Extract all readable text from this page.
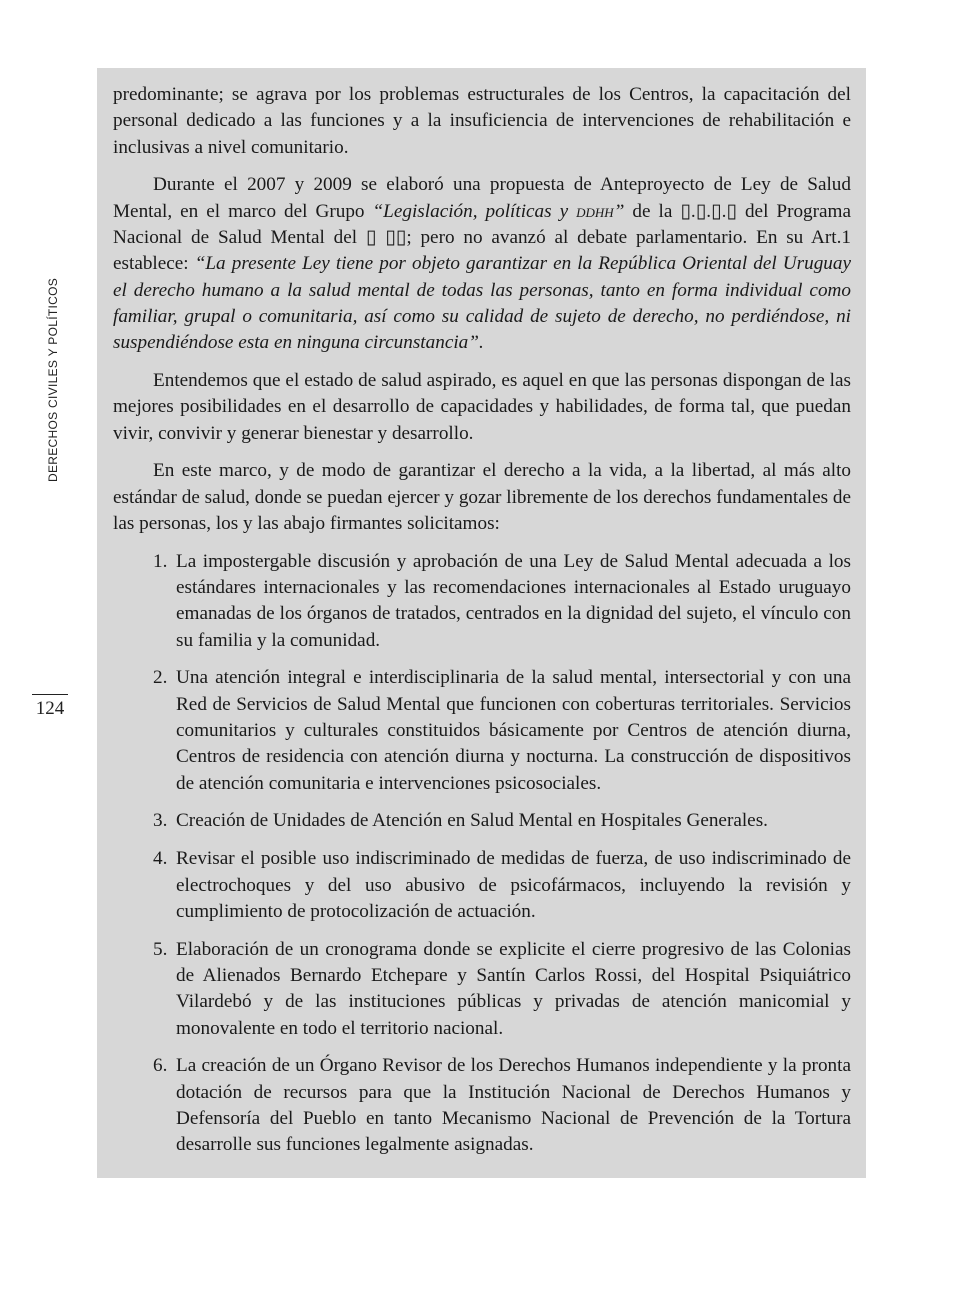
DERECHOS CIVILES Y POLÍTICOS
124

predominante; se agrava por los problemas estructurales de los Centros, la capacitación del personal dedicado a las funciones y a la insuficiencia de intervenciones de rehabilitación e inclusivas a nivel comunitario.

Durante el 2007 y 2009 se elaboró una propuesta de Anteproyecto de Ley de Salud Mental, en el marco del Grupo “Legislación, políticas y ddhh” de la ▯.▯.▯.▯ del Programa Nacional de Salud Mental del ▯ ▯▯; pero no avanzó al debate parlamentario. En su Art.1 establece: “La presente Ley tiene por objeto garantizar en la República Oriental del Uruguay el derecho humano a la salud mental de todas las personas, tanto en forma individual como familiar, grupal o comunitaria, así como su calidad de sujeto de derecho, no perdiéndose, ni suspendiéndose esta en ninguna circunstancia”.

Entendemos que el estado de salud aspirado, es aquel en que las personas dispongan de las mejores posibilidades en el desarrollo de capacidades y habilidades, de forma tal, que puedan vivir, convivir y generar bienestar y desarrollo.

En este marco, y de modo de garantizar el derecho a la vida, a la libertad, al más alto estándar de salud, donde se puedan ejercer y gozar libremente de los derechos fundamentales de las personas, los y las abajo firmantes solicitamos:

1. La impostergable discusión y aprobación de una Ley de Salud Mental adecuada a los estándares internacionales y las recomendaciones internacionales al Estado uruguayo emanadas de los órganos de tratados, centrados en la dignidad del sujeto, el vínculo con su familia y la comunidad.
2. Una atención integral e interdisciplinaria de la salud mental, intersectorial y con una Red de Servicios de Salud Mental que funcionen con coberturas territoriales. Servicios comunitarios y culturales constituidos básicamente por Centros de atención diurna, Centros de residencia con atención diurna y nocturna. La construcción de dispositivos de atención comunitaria e intervenciones psicosociales.
3. Creación de Unidades de Atención en Salud Mental en Hospitales Generales.
4. Revisar el posible uso indiscriminado de medidas de fuerza, de uso indiscriminado de electrochoques y del uso abusivo de psicofármacos, incluyendo la revisión y cumplimiento de protocolización de actuación.
5. Elaboración de un cronograma donde se explicite el cierre progresivo de las Colonias de Alienados Bernardo Etchepare y Santín Carlos Rossi, del Hospital Psiquiátrico Vilardebó y de las instituciones públicas y privadas de atención manicomial y monovalente en todo el territorio nacional.
6. La creación de un Órgano Revisor de los Derechos Humanos independiente y la pronta dotación de recursos para que la Institución Nacional de Derechos Humanos y Defensoría del Pueblo en tanto Mecanismo Nacional de Prevención de la Tortura desarrolle sus funciones legalmente asignadas.
